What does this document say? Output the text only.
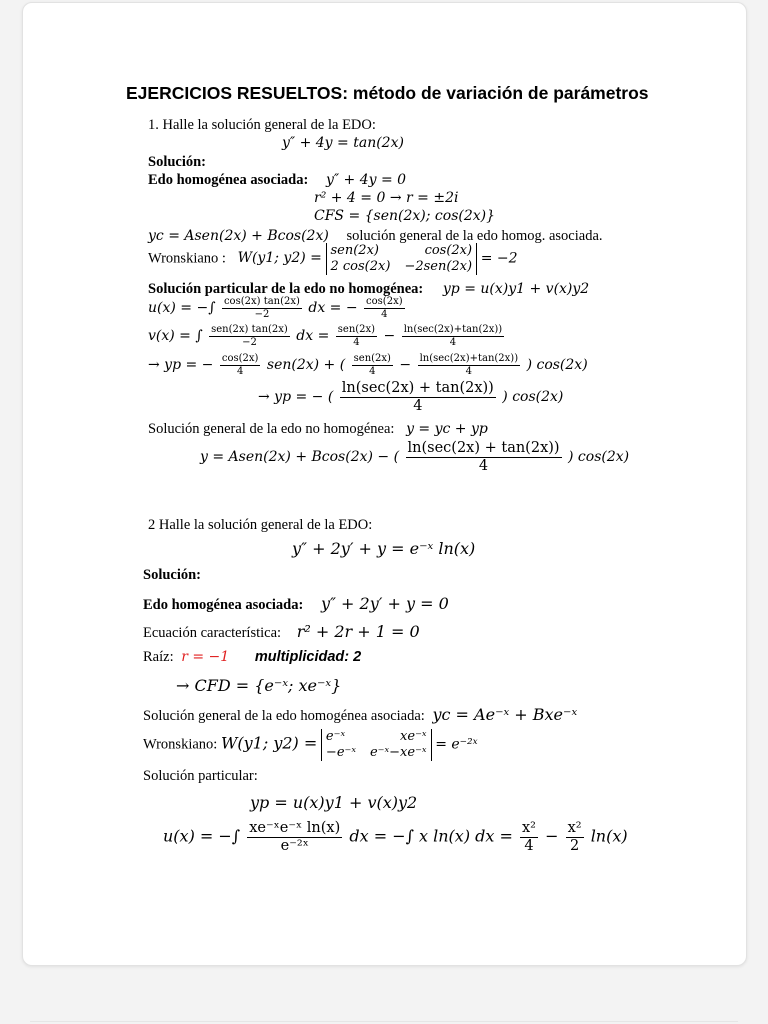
EJERCICIOS RESUELTOS: método de variación de parámetros
1. Halle la solución general de la EDO:
y″ + 4y = tan(2x)
Solución:
Edo homogénea asociada: y″ + 4y = 0
r² + 4 = 0 → r = ±2i
CFS = {sen(2x); cos(2x)}
yc = Asen(2x) + Bcos(2x) solución general de la edo homog. asociada.
Wronskiano : W(y1; y2) = sen(2x)	cos(2x)
2 cos(2x) −2sen(2x)
= −2
Solución particular de la edo no homogénea: yp = u(x)y1 + v(x)y2
u(x) = −∫ $\frac{\cos(2x) \tan(2x)}{-2}$ dx = − $\frac{\cos(2x)}{4}$
v(x) = ∫ $\frac{\text{sen(2x) tan(2x)}}{-2}$ dx = $\frac{\text{sen(2x)}}{4} - \frac{\ln(\sec(2x)+\tan(2x))}{4}$
→ yp = − $\frac{\cos(2x)}{4} sen(2x)$ + ( $\frac{\text{sen(2x)}}{4} - \frac{\ln(\sec(2x)+\tan(2x))}{4}$ ) cos(2x)
→ yp = − ( $\frac{\ln(\sec(2x) + \tan(2x))}{4}$ ) cos(2x)
Solución general de la edo no homogénea: y = yc + yp
y = Asen(2x) + Bcos(2x) − ( $\frac{\ln(\sec(2x) + \tan(2x))}{4}$ ) cos(2x)
2 Halle la solución general de la EDO:
y″ + 2y′ + y = e⁻ˣ ln(x)
Solución:
Edo homogénea asociada: y″ + 2y′ + y = 0
Ecuación característica: r² + 2r + 1 = 0
Raíz: r = −1 multiplicidad: 2
→ CFD = {e⁻ˣ; xe⁻ˣ}
Solución general de la edo homogénea asociada: yc = Ae⁻ˣ + Bxe⁻ˣ
Wronskiano: W(y1; y2) = e⁻ˣ	xe⁻ˣ
−e⁻ˣ e⁻ˣ−xe⁻ˣ
= e⁻²ˣ
Solución particular:
yp = u(x)y1 + v(x)y2
u(x) = −∫ $\frac{\text{xe⁻ˣe⁻ˣ ln(x)}}{\text{e⁻²ˣ}}$ dx = −∫ x ln(x) dx = $\frac{\text{x²}}{4} - \frac{\text{x²}}{2} \ln(x)$
